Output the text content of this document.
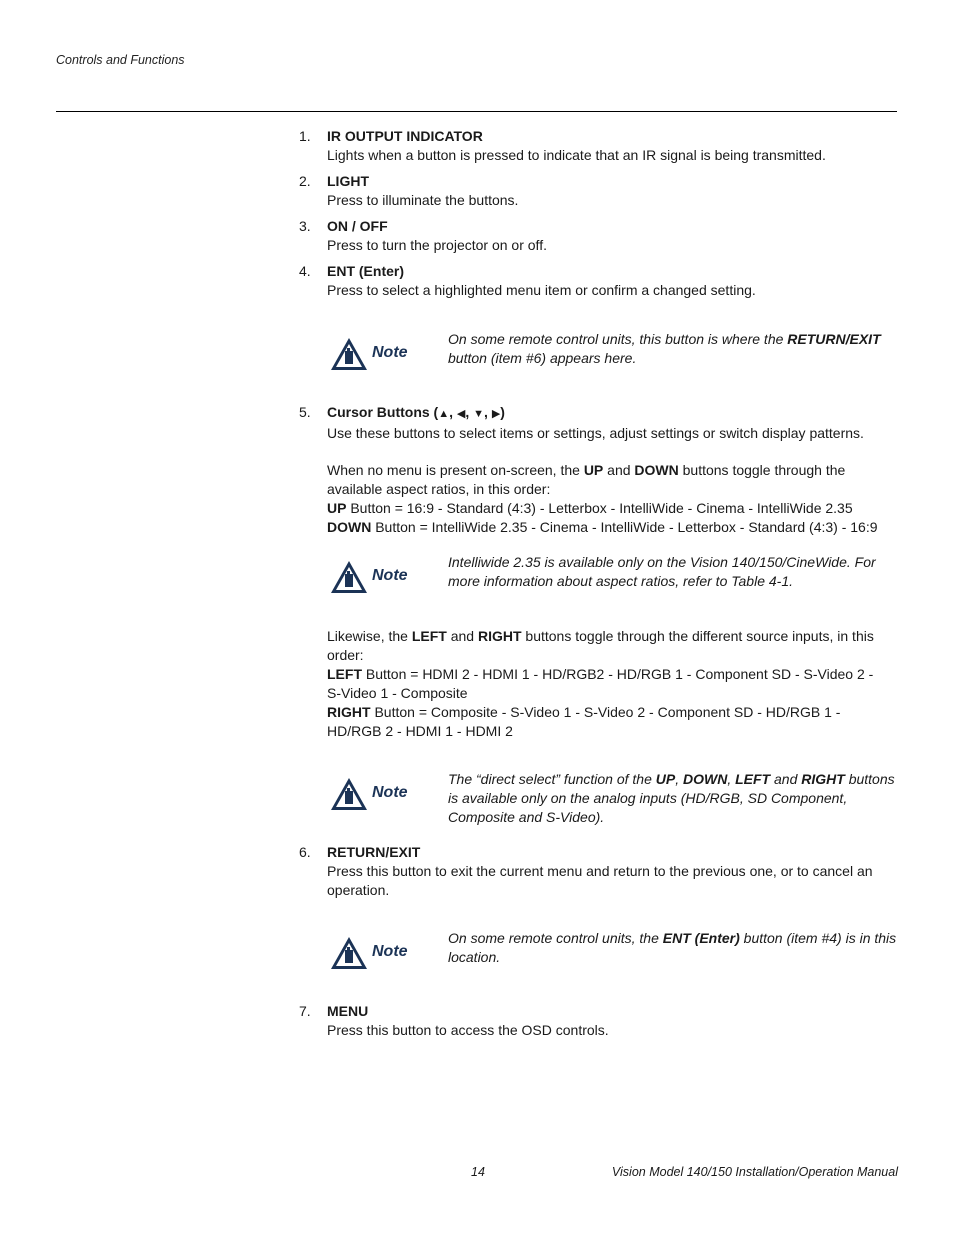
Controls and Functions
1.	IR OUTPUT INDICATOR
Lights when a button is pressed to indicate that an IR signal is being transmitted.
2.	LIGHT
Press to illuminate the buttons.
3.	ON / OFF
Press to turn the projector on or off.
4.	ENT (Enter)
Press to select a highlighted menu item or confirm a changed setting.
Note
On some remote control units, this button is where the RETURN/EXIT button (item #6) appears here.
5.	Cursor Buttons (▲, ◀, ▼, ▶)
Use these buttons to select items or settings, adjust settings or switch display patterns.
When no menu is present on-screen, the UP and DOWN buttons toggle through the available aspect ratios, in this order:
UP Button = 16:9 - Standard (4:3) - Letterbox - IntelliWide - Cinema - IntelliWide 2.35
DOWN Button = IntelliWide 2.35 - Cinema - IntelliWide - Letterbox - Standard (4:3) - 16:9
Note
Intelliwide 2.35 is available only on the Vision 140/150/CineWide. For more information about aspect ratios, refer to Table 4-1.
Likewise, the LEFT and RIGHT buttons toggle through the different source inputs, in this order:
LEFT Button = HDMI 2 - HDMI 1 - HD/RGB2 - HD/RGB 1 - Component SD - S-Video 2 -
S-Video 1 - Composite
RIGHT Button = Composite - S-Video 1 - S-Video 2 - Component SD - HD/RGB 1 -
HD/RGB 2 - HDMI 1 - HDMI 2
Note
The “direct select” function of the UP, DOWN, LEFT and RIGHT buttons is available only on the analog inputs (HD/RGB, SD Component, Composite and S-Video).
6.	RETURN/EXIT
Press this button to exit the current menu and return to the previous one, or to cancel an operation.
Note
On some remote control units, the ENT (Enter) button (item #4) is in this location.
7.	MENU
Press this button to access the OSD controls.
14	Vision Model 140/150 Installation/Operation Manual
